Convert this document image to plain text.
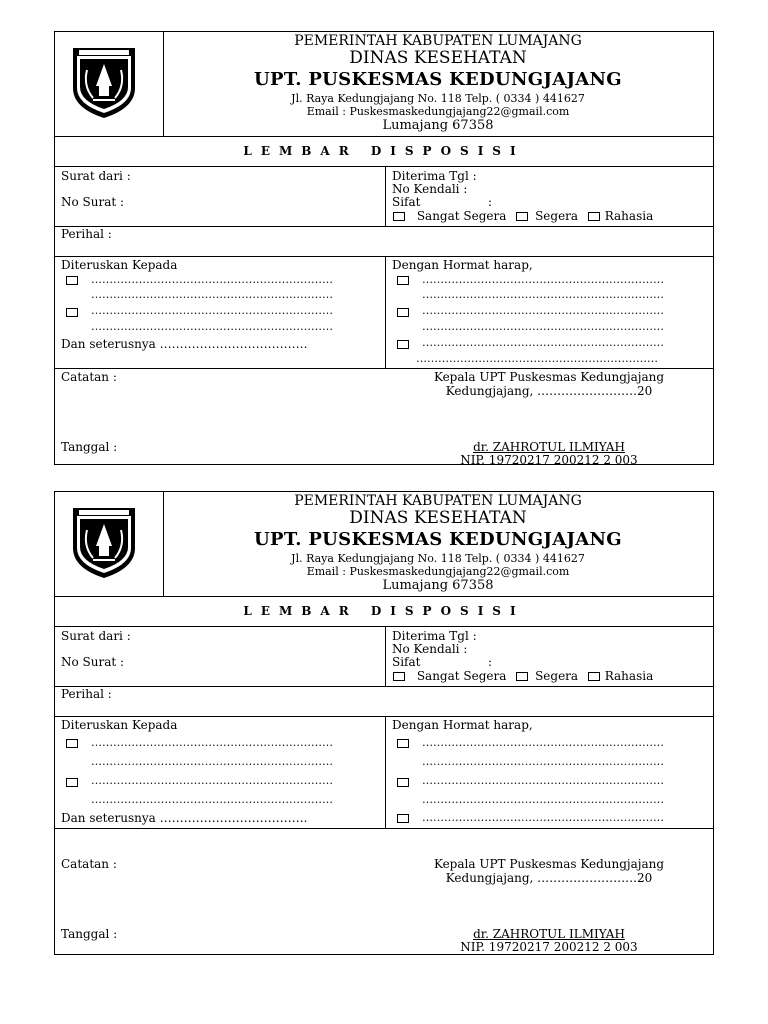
PEMERINTAH KABUPATEN LUMAJANG
DINAS KESEHATAN
UPT. PUSKESMAS KEDUNGJAJANG
Jl. Raya Kedungjajang No. 118 Telp. ( 0334 ) 441627
Email : Puskesmaskedungjajang22@gmail.com
Lumajang 67358
LEMBAR DISPOSISI
Surat dari :
No Surat :
Diterima Tgl :
No Kendali :
Sifat	:
Sangat Segera Segera Rahasia
Perihal :
Diteruskan Kepada
…………………………………………………………
…………………………………………………………
…………………………………………………………
…………………………………………………………
Dan seterusnya ……………………………….
Dengan Hormat harap,
…………………………………………………………
…………………………………………………………
…………………………………………………………
…………………………………………………………
…………………………………………………………
…………………………………………………………
Catatan :
Tanggal :
Kepala UPT Puskesmas Kedungjajang
Kedungjajang, …………………….20
dr. ZAHROTUL ILMIYAH
NIP. 19720217 200212 2 003
PEMERINTAH KABUPATEN LUMAJANG
DINAS KESEHATAN
UPT. PUSKESMAS KEDUNGJAJANG
Jl. Raya Kedungjajang No. 118 Telp. ( 0334 ) 441627
Email : Puskesmaskedungjajang22@gmail.com
Lumajang 67358
LEMBAR DISPOSISI
Surat dari :
No Surat :
Diterima Tgl :
No Kendali :
Sifat	:
Sangat Segera Segera Rahasia
Perihal :
Diteruskan Kepada
…………………………………………………………
…………………………………………………………
…………………………………………………………
…………………………………………………………
Dan seterusnya ……………………………….
Dengan Hormat harap,
…………………………………………………………
…………………………………………………………
…………………………………………………………
…………………………………………………………
…………………………………………………………
Catatan :
Tanggal :
Kepala UPT Puskesmas Kedungjajang
Kedungjajang, …………………….20
dr. ZAHROTUL ILMIYAH
NIP. 19720217 200212 2 003
